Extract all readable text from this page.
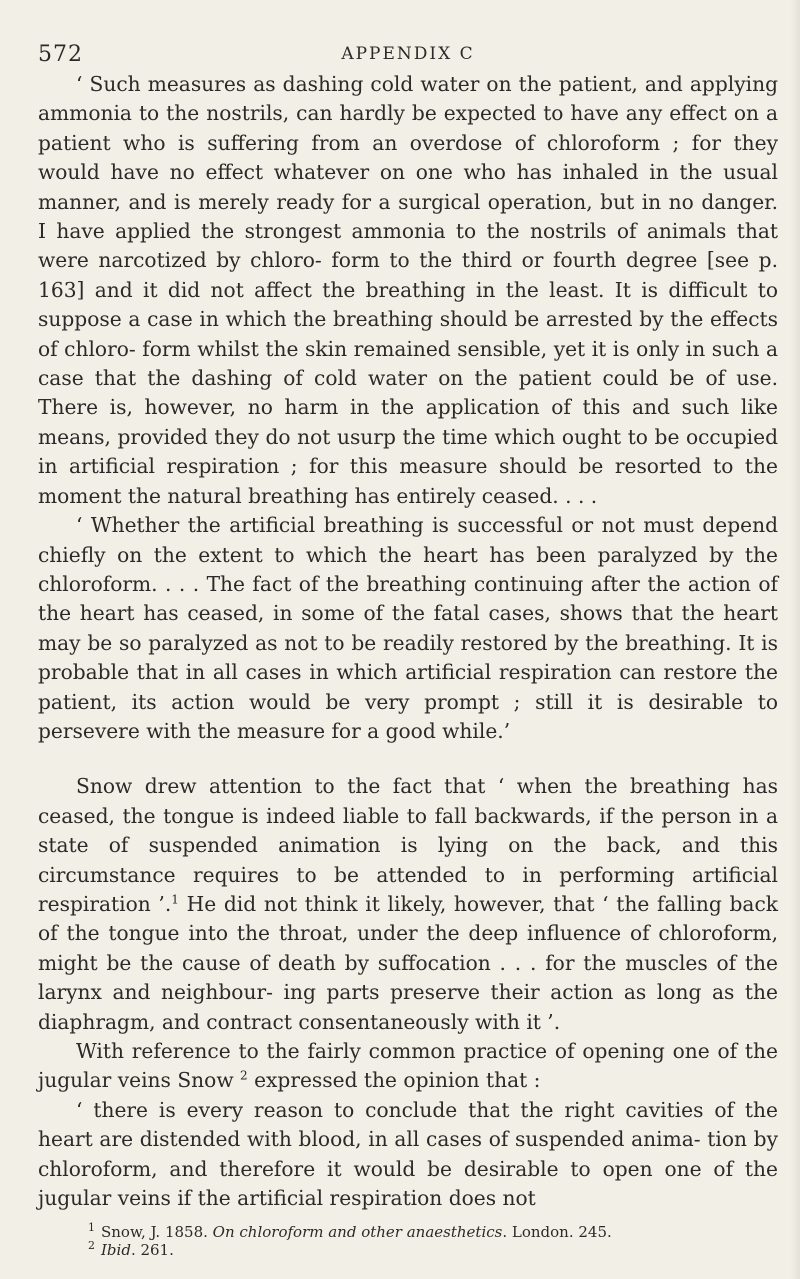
572	APPENDIX C

‘ Such measures as dashing cold water on the patient, and applying ammonia to the nostrils, can hardly be expected to have any effect on a patient who is suffering from an overdose of chloroform ; for they would have no effect whatever on one who has inhaled in the usual manner, and is merely ready for a surgical operation, but in no danger. I have applied the strongest ammonia to the nostrils of animals that were narcotized by chloro- form to the third or fourth degree [see p. 163] and it did not affect the breathing in the least. It is difficult to suppose a case in which the breathing should be arrested by the effects of chloro- form whilst the skin remained sensible, yet it is only in such a case that the dashing of cold water on the patient could be of use. There is, however, no harm in the application of this and such like means, provided they do not usurp the time which ought to be occupied in artificial respiration ; for this measure should be resorted to the moment the natural breathing has entirely ceased. . . .

‘ Whether the artificial breathing is successful or not must depend chiefly on the extent to which the heart has been paralyzed by the chloroform. . . . The fact of the breathing continuing after the action of the heart has ceased, in some of the fatal cases, shows that the heart may be so paralyzed as not to be readily restored by the breathing. It is probable that in all cases in which artificial respiration can restore the patient, its action would be very prompt ; still it is desirable to persevere with the measure for a good while.’

Snow drew attention to the fact that ‘ when the breathing has ceased, the tongue is indeed liable to fall backwards, if the person in a state of suspended animation is lying on the back, and this circumstance requires to be attended to in performing artificial respiration ’.$^1$ He did not think it likely, however, that ‘ the falling back of the tongue into the throat, under the deep influence of chloroform, might be the cause of death by suffocation . . . for the muscles of the larynx and neighbour- ing parts preserve their action as long as the diaphragm, and contract consentaneously with it ’.

With reference to the fairly common practice of opening one of the jugular veins Snow $^2$ expressed the opinion that :

‘ there is every reason to conclude that the right cavities of the heart are distended with blood, in all cases of suspended anima- tion by chloroform, and therefore it would be desirable to open one of the jugular veins if the artificial respiration does not

$^1$ Snow, J. 1858. On chloroform and other anaesthetics. London. 245.
$^2$ Ibid. 261.
